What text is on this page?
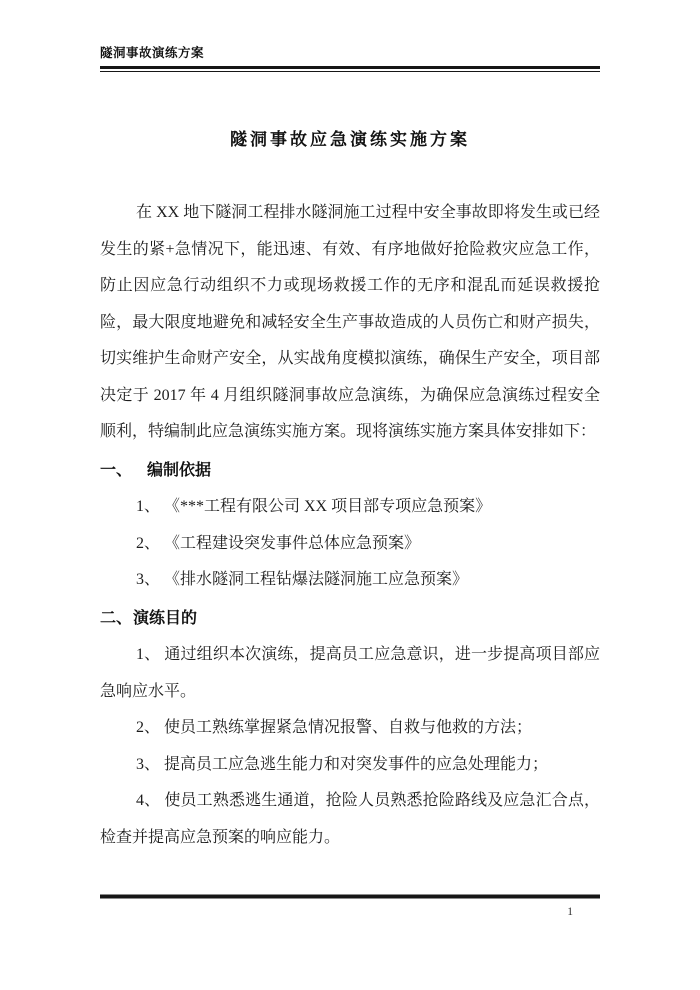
隧洞事故演练方案
隧洞事故应急演练实施方案

在 XX 地下隧洞工程排水隧洞施工过程中安全事故即将发生或已经发生的紧+急情况下，能迅速、有效、有序地做好抢险救灾应急工作，防止因应急行动组织不力或现场救援工作的无序和混乱而延误救援抢险，最大限度地避免和减轻安全生产事故造成的人员伤亡和财产损失，切实维护生命财产安全，从实战角度模拟演练，确保生产安全，项目部决定于 2017 年 4 月组织隧洞事故应急演练，为确保应急演练过程安全顺利，特编制此应急演练实施方案。现将演练实施方案具体安排如下：

一、 编制依据

1、 《***工程有限公司 XX 项目部专项应急预案》

2、 《工程建设突发事件总体应急预案》

3、 《排水隧洞工程钻爆法隧洞施工应急预案》

二、演练目的

1、 通过组织本次演练，提高员工应急意识，进一步提高项目部应急响应水平。

2、 使员工熟练掌握紧急情况报警、自救与他救的方法；

3、 提高员工应急逃生能力和对突发事件的应急处理能力；

4、 使员工熟悉逃生通道，抢险人员熟悉抢险路线及应急汇合点，检查并提高应急预案的响应能力。

1
